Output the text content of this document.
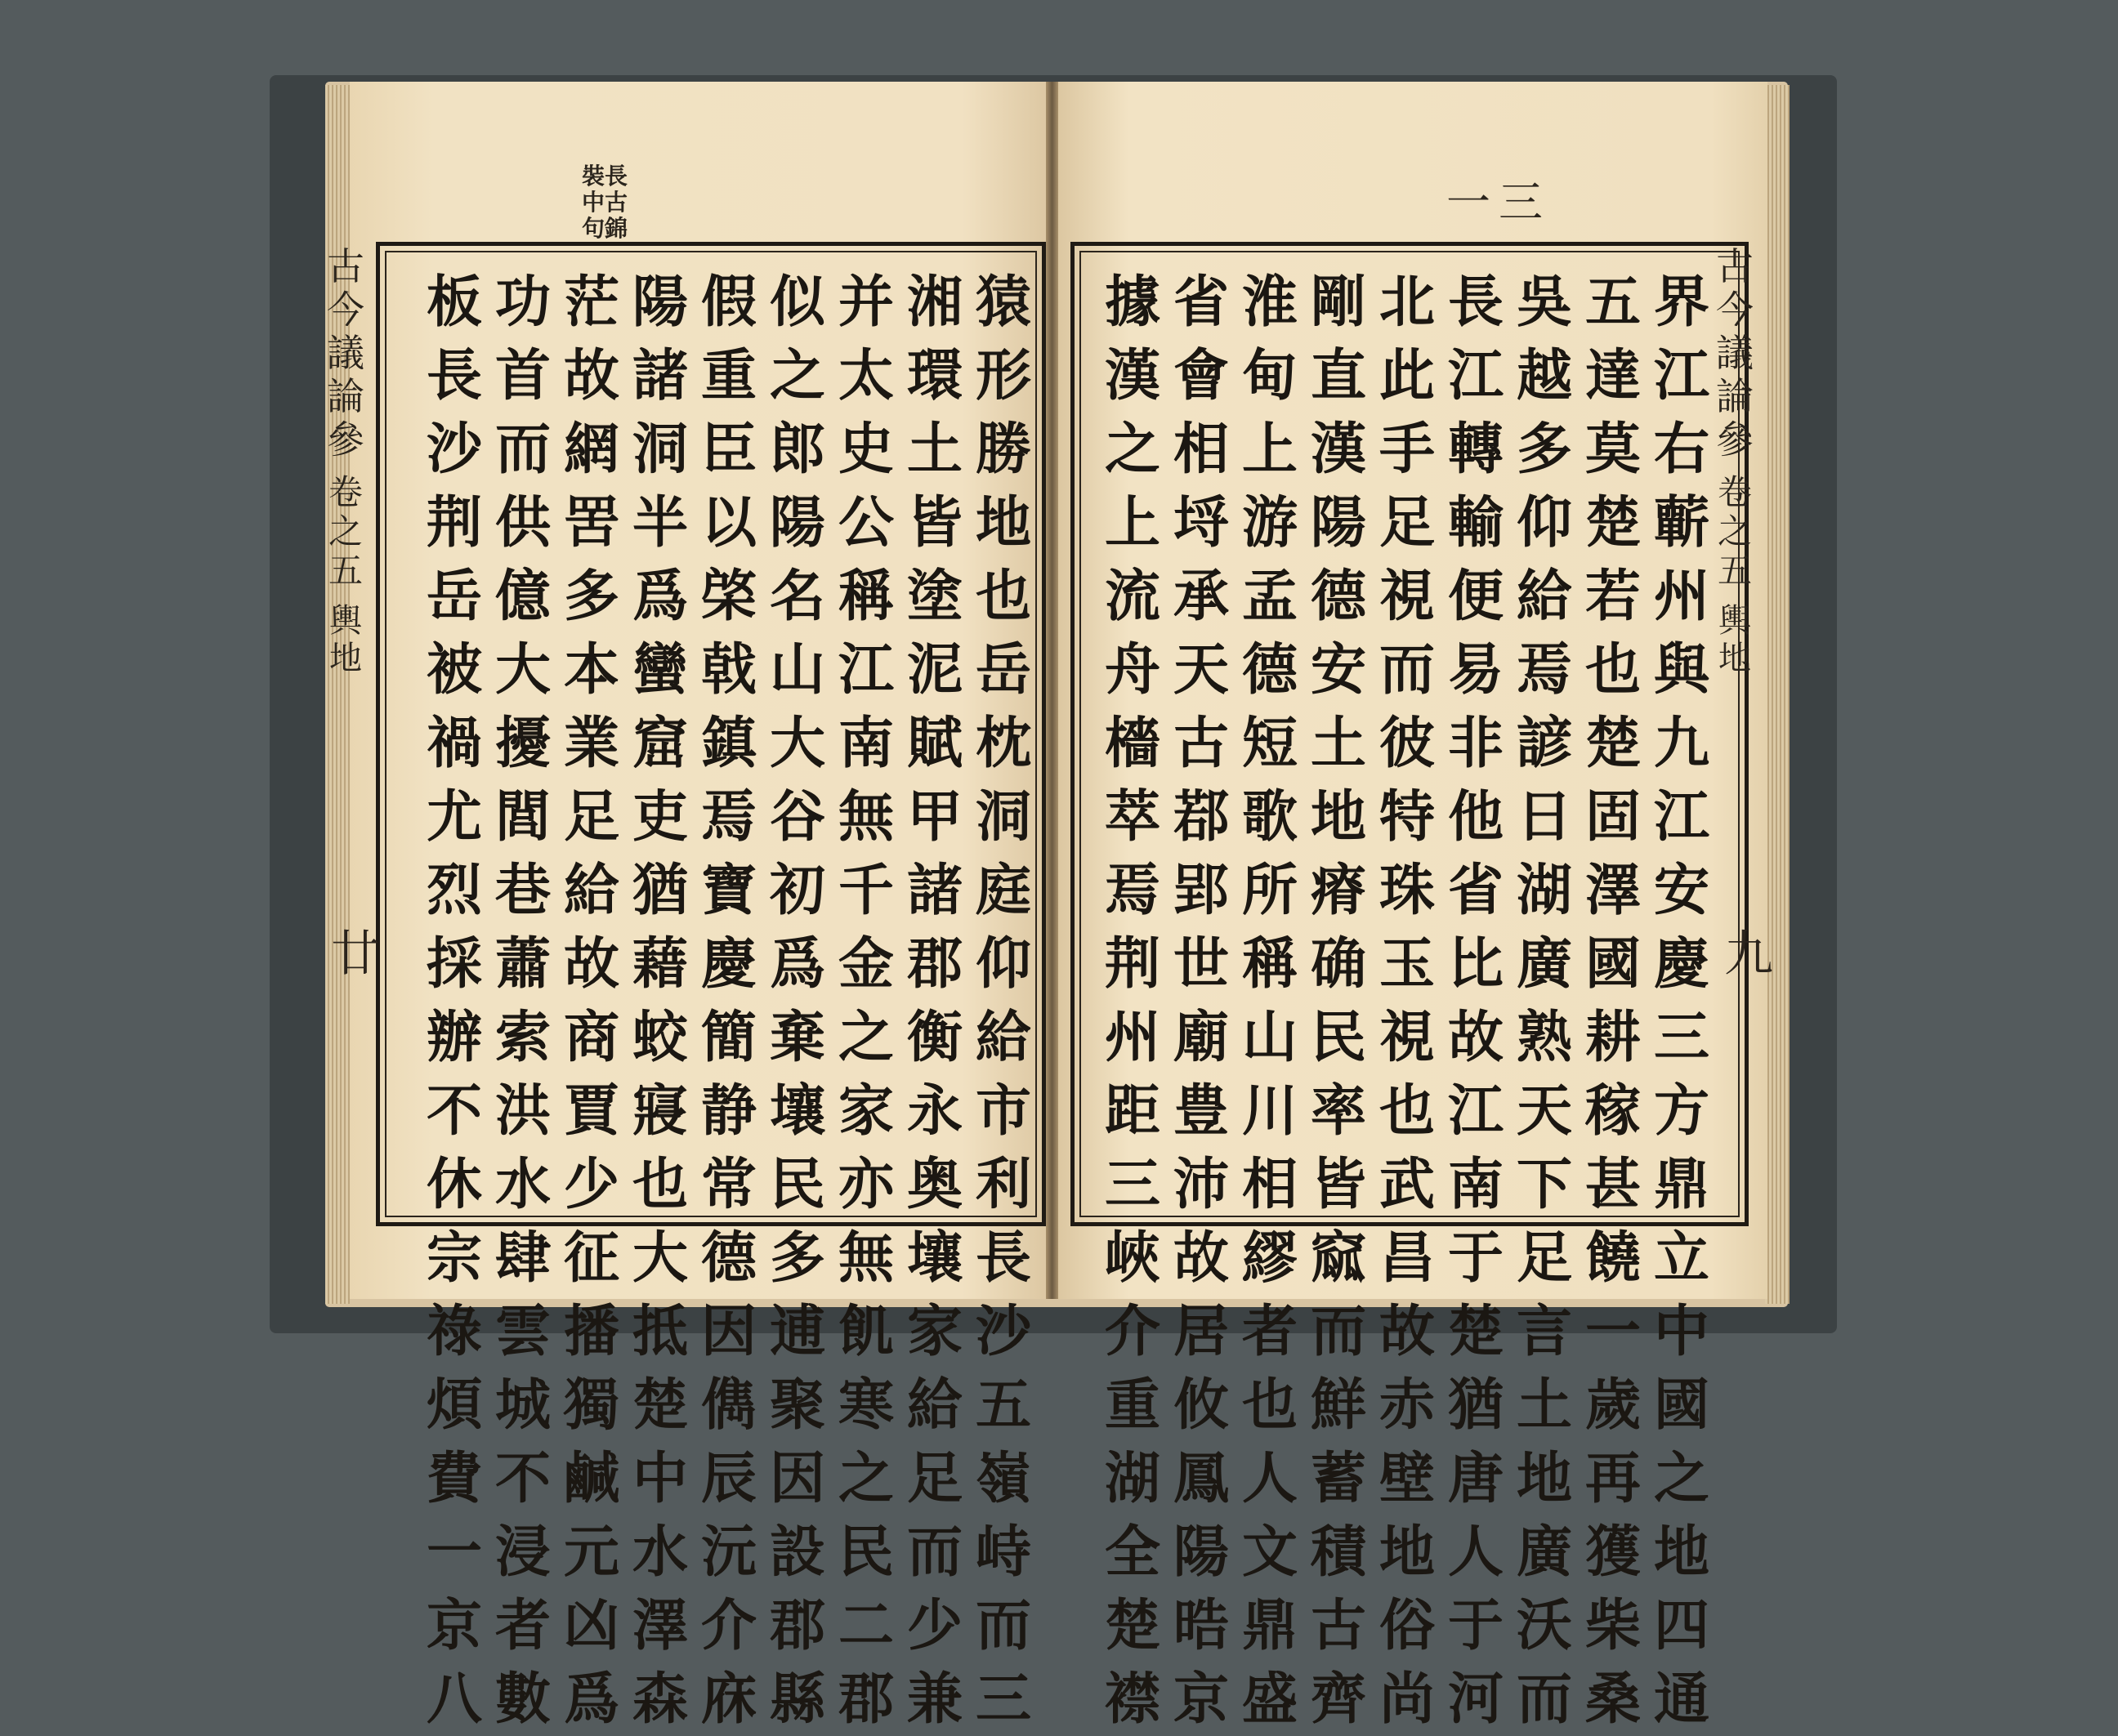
長
古
錦
裝
中
句
古
今
議
論
參
卷
之
五
輿
地
廿
猿
形
勝
地
也
岳
枕
洞
庭
仰
給
市
利
長
沙
五
嶺
峙
而
三
湘
環
土
皆
塗
泥
賦
甲
諸
郡
衡
永
奥
壤
家
給
足
而
少
兼
并
太
史
公
稱
江
南
無
千
金
之
家
亦
無
飢
寒
之
民
二
郡
似
之
郎
陽
名
山
大
谷
初
爲
棄
壤
民
多
逋
聚
因
設
郡
縣
假
重
臣
以
棨
戟
鎮
焉
寶
慶
簡
静
常
德
因
儁
辰
沅
介
庥
陽
諸
洞
半
爲
蠻
窟
吏
猶
藉
蛟
寢
也
大
抵
楚
中
水
澤
森
茫
故
網
罟
多
本
業
足
給
故
商
賈
少
征
播
獨
鹹
元
凶
爲
功
首
而
供
億
大
擾
閭
巷
蕭
索
洪
水
肆
雲
城
不
浸
者
數
板
長
沙
荆
岳
被
禍
尤
烈
採
辦
不
休
宗
祿
煩
費
一
京
八
一三
古
今
議
論
參
卷
之
五
輿
地
九
界
江
右
蘄
州
與
九
江
安
慶
三
方
鼎
立
中
國
之
地
四
通
五
達
莫
楚
若
也
楚
固
澤
國
耕
稼
甚
饒
一
歲
再
獲
柴
桑
吳
越
多
仰
給
焉
諺
日
湖
廣
熟
天
下
足
言
土
地
廣
沃
而
長
江
轉
輸
便
易
非
他
省
比
故
江
南
于
楚
猶
唐
人
于
河
北
此
手
足
視
而
彼
特
珠
玉
視
也
武
昌
故
赤
壁
地
俗
尚
剛
直
漢
陽
德
安
土
地
瘠
确
民
率
皆
窳
而
鮮
蓄
積
古
齊
淮
甸
上
游
孟
德
短
歌
所
稱
山
川
相
繆
者
也
人
文
鼎
盛
省
會
相
埒
承
天
古
鄀
郢
世
廟
豊
沛
故
居
攸
鳳
陽
晧
京
據
漢
之
上
流
舟
檣
萃
焉
荆
州
距
三
峽
介
重
湖
全
楚
襟
